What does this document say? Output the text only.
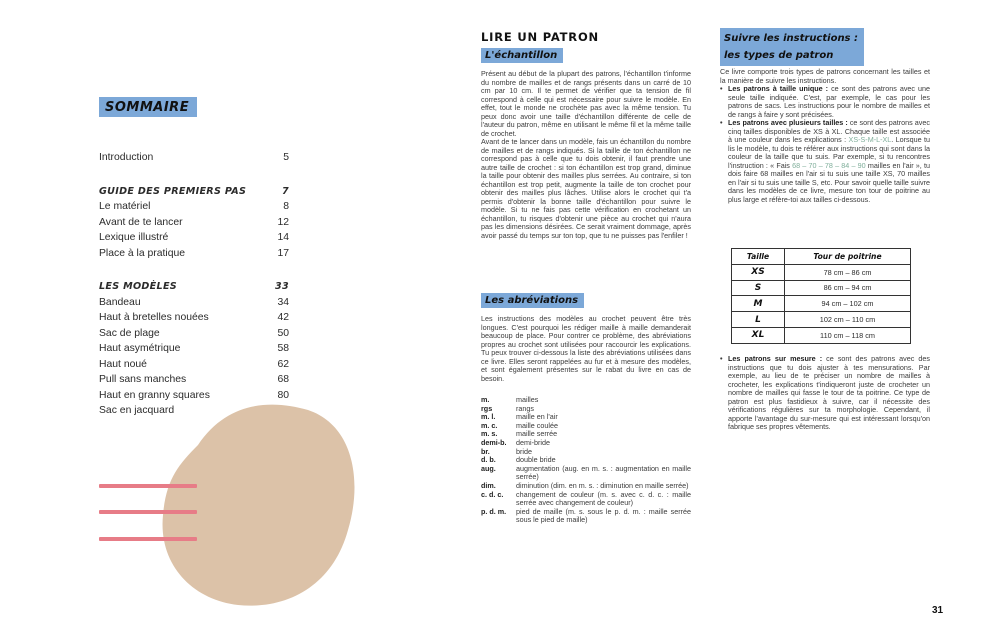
SOMMAIRE
Introduction	5
GUIDE DES PREMIERS PAS	7
Le matériel	8
Avant de te lancer	12
Lexique illustré	14
Place à la pratique	17
LES MODÈLES	33
Bandeau	34
Haut à bretelles nouées	42
Sac de plage	50
Haut asymétrique	58
Haut noué	62
Pull sans manches	68
Haut en granny squares	80
Sac en jacquard
LIRE UN PATRON
L'échantillon

Présent au début de la plupart des patrons, l'échantillon t'informe du nombre de mailles et de rangs présents dans un carré de 10 cm par 10 cm. Il te permet de vérifier que ta tension de fil correspond à celle qui est nécessaire pour suivre le modèle. En effet, tout le monde ne crochète pas avec la même tension. Tu peux donc avoir une taille d'échantillon différente de celle de l'auteur du patron, même en utilisant le même fil et la même taille de crochet.

Avant de te lancer dans un modèle, fais un échantillon du nombre de mailles et de rangs indiqués. Si la taille de ton échantillon ne correspond pas à celle que tu dois obtenir, il faut prendre une autre taille de crochet : si ton échantillon est trop grand, diminue la taille pour obtenir des mailles plus serrées. Au contraire, si ton échantillon est trop petit, augmente la taille de ton crochet pour obtenir des mailles plus lâches. Utilise alors le crochet qui t'a permis d'obtenir la bonne taille d'échantillon pour suivre le modèle. Si tu ne fais pas cette vérification en crochetant un échantillon, tu risques d'obtenir une pièce au crochet qui n'aura pas les dimensions désirées. Ce serait vraiment dommage, après avoir passé du temps sur ton top, que tu ne puisses pas l'enfiler !

Les abréviations
Les instructions des modèles au crochet peuvent être très longues. C'est pourquoi les rédiger maille à maille demanderait beaucoup de place. Pour contrer ce problème, des abréviations propres au crochet sont utilisées pour raccourcir les explications. Tu peux trouver ci-dessous la liste des abréviations utilisées dans ce livre. Elles seront rappelées au fur et à mesure des modèles, et sont également présentes sur le rabat du livre en cas de besoin.
m.	mailles
rgs	rangs
m. l.	maille en l'air
m. c.	maille coulée
m. s.	maille serrée
demi-b.	demi-bride
br.	bride
d. b.	double bride
aug.	augmentation (aug. en m. s. : augmentation en maille serrée)
dim.	diminution (dim. en m. s. : diminution en maille serrée)
c. d. c.	changement de couleur (m. s. avec c. d. c. : maille serrée avec changement de couleur)
p. d. m.	pied de maille (m. s. sous le p. d. m. : maille serrée sous le pied de maille)
Suivre les instructions :
les types de patron

Ce livre comporte trois types de patrons concernant les tailles et la manière de suivre les instructions.

• Les patrons à taille unique : ce sont des patrons avec une seule taille indiquée. C'est, par exemple, le cas pour les patrons de sacs. Les instructions pour le nombre de mailles et de rangs à faire y sont précisées.
• Les patrons avec plusieurs tailles : ce sont des patrons avec cinq tailles disponibles de XS à XL. Chaque taille est associée à une couleur dans les explications : XS-S-M-L-XL. Lorsque tu lis le modèle, tu dois te référer aux instructions qui sont dans la couleur de la taille que tu suis. Par exemple, si tu rencontres l'instruction : « Fais 68 – 70 – 78 – 84 – 90 mailles en l'air », tu dois faire 68 mailles en l'air si tu suis une taille XS, 70 mailles en l'air si tu suis une taille S, etc. Pour savoir quelle taille suivre dans les modèles de ce livre, mesure ton tour de poitrine au plus large et réfère-toi aux tailles ci-dessous.
Taille	Tour de poitrine
XS	78 cm – 86 cm
S	86 cm – 94 cm
M	94 cm – 102 cm
L	102 cm – 110 cm
XL	110 cm – 118 cm
• Les patrons sur mesure : ce sont des patrons avec des instructions que tu dois ajuster à tes mensurations. Par exemple, au lieu de te préciser un nombre de mailles à crocheter, les explications t'indiqueront juste de crocheter un nombre de mailles qui fasse le tour de ta poitrine. Ce type de patron est plus fastidieux à suivre, car il nécessite des vérifications régulières sur ta morphologie. Cependant, il apporte l'avantage du sur-mesure qui est intéressant lorsqu'on fabrique ses propres vêtements.
31
